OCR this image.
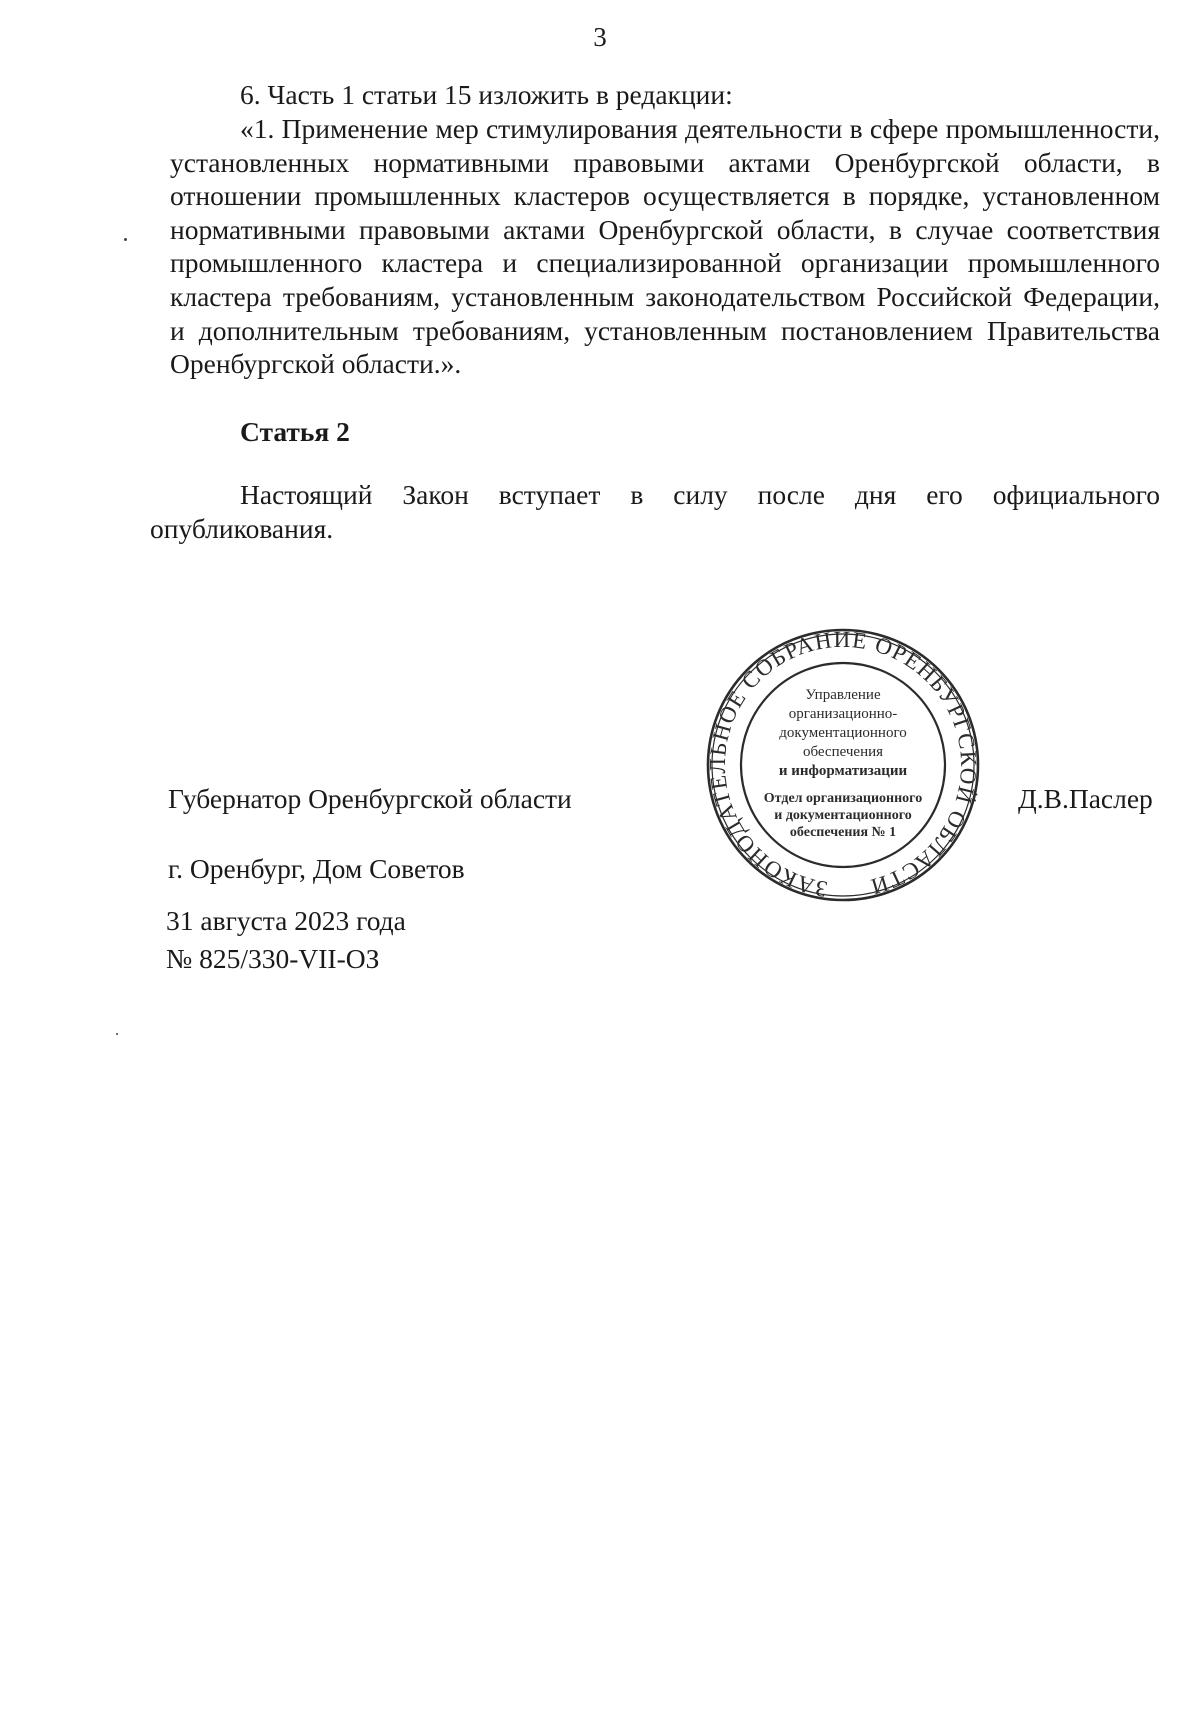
3
6. Часть 1 статьи 15 изложить в редакции:
«1. Применение мер стимулирования деятельности в сфере промышленности, установленных нормативными правовыми актами Оренбургской области, в отношении промышленных кластеров осуществляется в порядке, установленном нормативными правовыми актами Оренбургской области, в случае соответствия промышленного кластера и специализированной организации промышленного кластера требованиям, установленным законодательством Российской Федерации, и дополнительным требованиям, установленным постановлением Правительства Оренбургской области.».
Статья 2
Настоящий Закон вступает в силу после дня его официального опубликования.
Губернатор Оренбургской области	Д.В.Паслер
г. Оренбург, Дом Советов
31 августа 2023 года
№ 825/330-VII-ОЗ
ЗАКОНОДАТЕЛЬНОЕ СОБРАНИЕ ОРЕНБУРГСКОЙ ОБЛАСТИ
Управление
организационно-
документационного
обеспечения
и информатизации
Отдел организационного
и документационного
обеспечения № 1
